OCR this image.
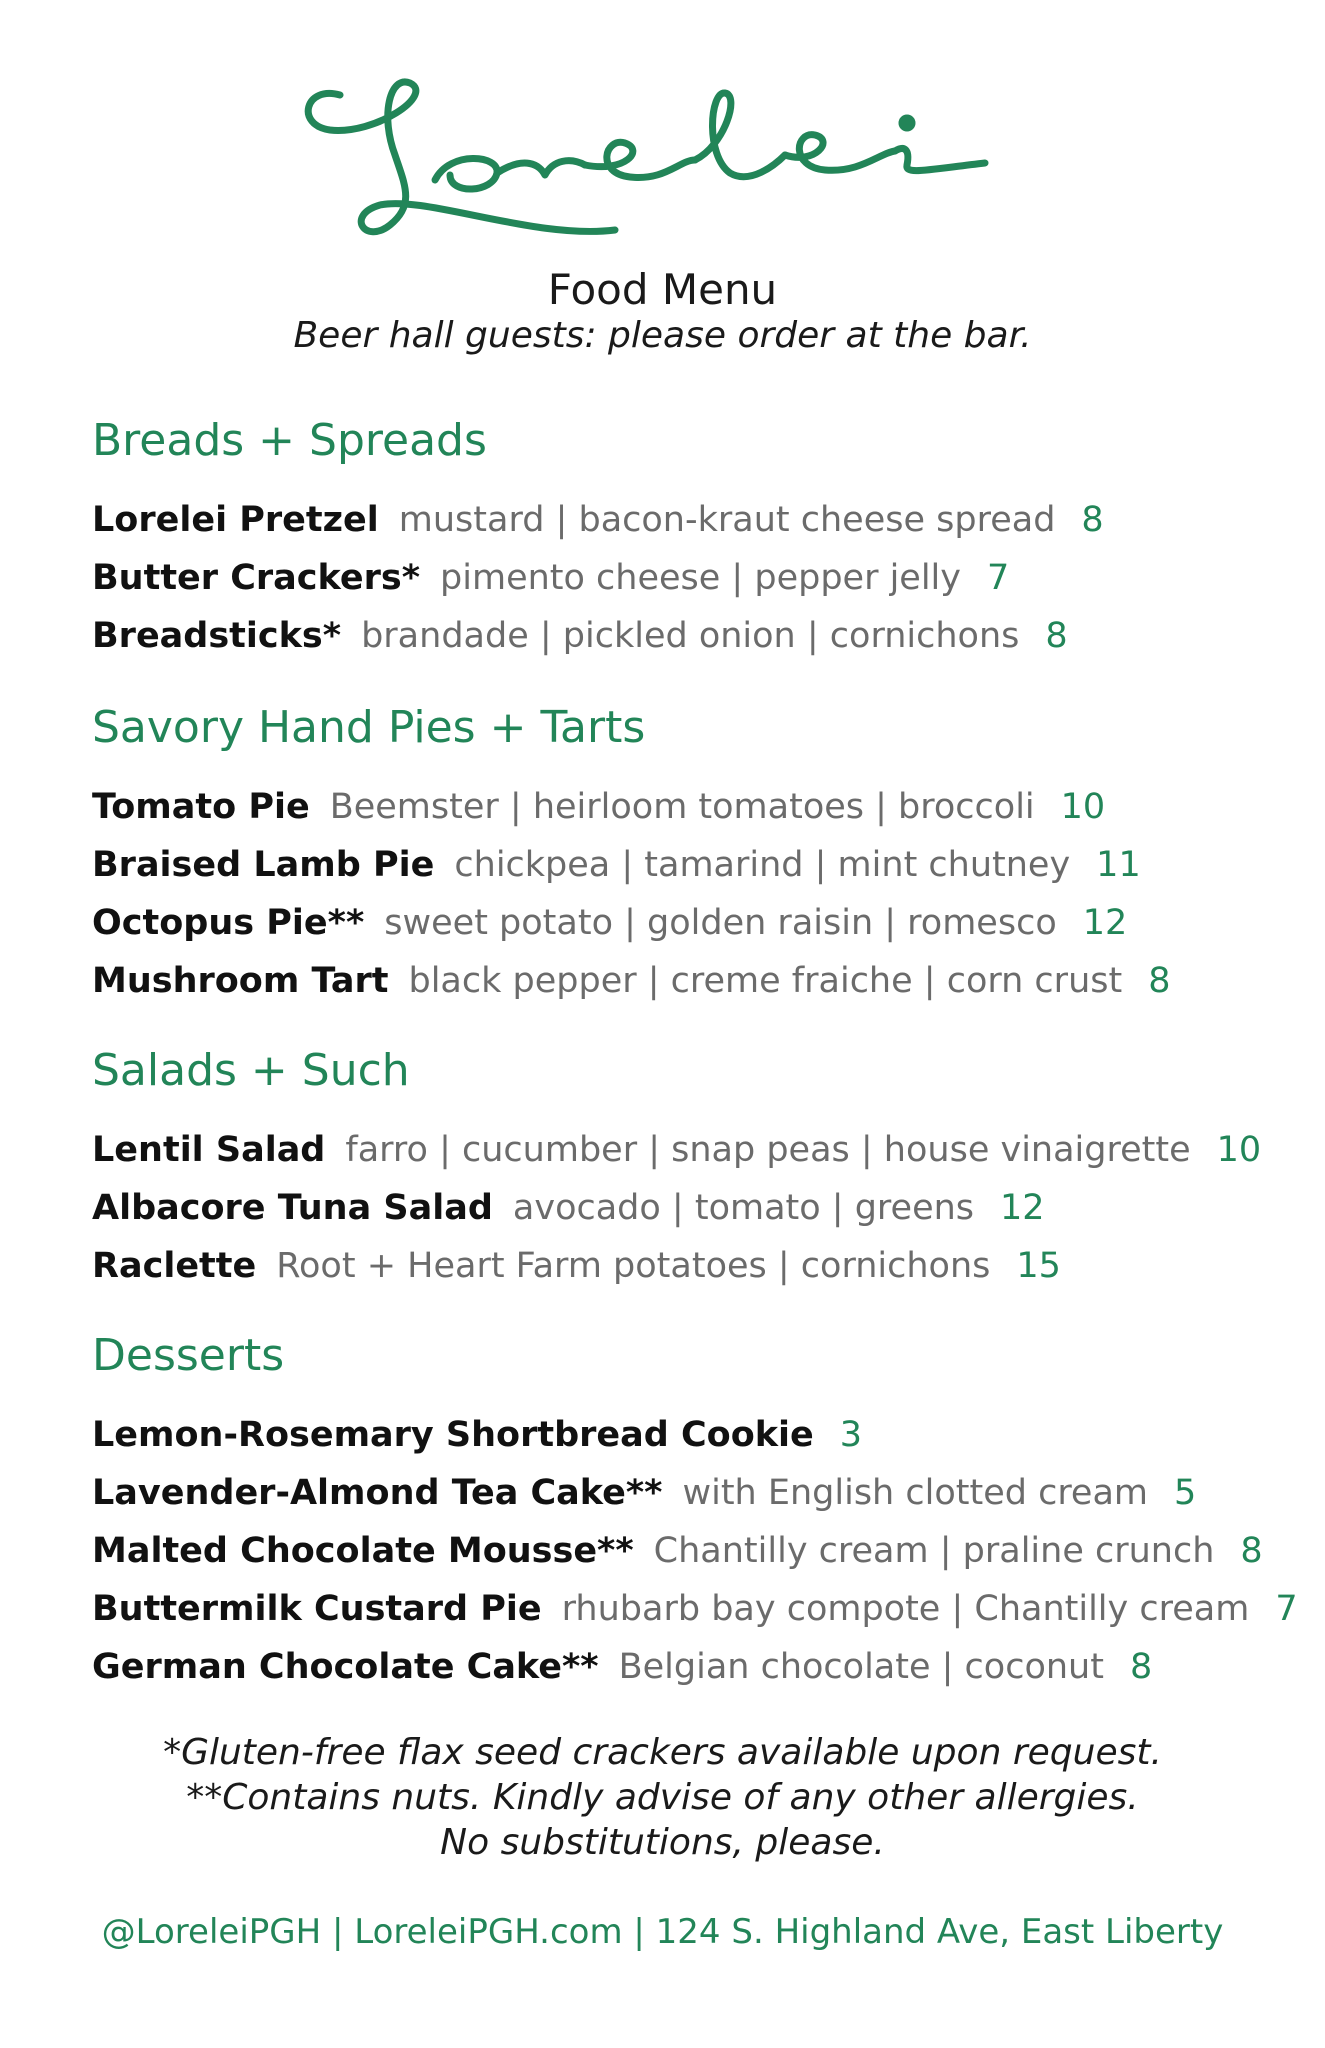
Food Menu
Beer hall guests: please order at the bar.
Breads + Spreads
Lorelei Pretzel mustard | bacon-kraut cheese spread 8
Butter Crackers* pimento cheese | pepper jelly 7
Breadsticks* brandade | pickled onion | cornichons 8
Savory Hand Pies + Tarts
Tomato Pie Beemster | heirloom tomatoes | broccoli 10
Braised Lamb Pie chickpea | tamarind | mint chutney 11
Octopus Pie** sweet potato | golden raisin | romesco 12
Mushroom Tart black pepper | creme fraiche | corn crust 8
Salads + Such
Lentil Salad farro | cucumber | snap peas | house vinaigrette 10
Albacore Tuna Salad avocado | tomato | greens 12
Raclette Root + Heart Farm potatoes | cornichons 15
Desserts
Lemon-Rosemary Shortbread Cookie 3
Lavender-Almond Tea Cake** with English clotted cream 5
Malted Chocolate Mousse** Chantilly cream | praline crunch 8
Buttermilk Custard Pie rhubarb bay compote | Chantilly cream 7
German Chocolate Cake** Belgian chocolate | coconut 8
*Gluten-free flax seed crackers available upon request.
**Contains nuts. Kindly advise of any other allergies.
No substitutions, please.
@LoreleiPGH | LoreleiPGH.com | 124 S. Highland Ave, East Liberty
